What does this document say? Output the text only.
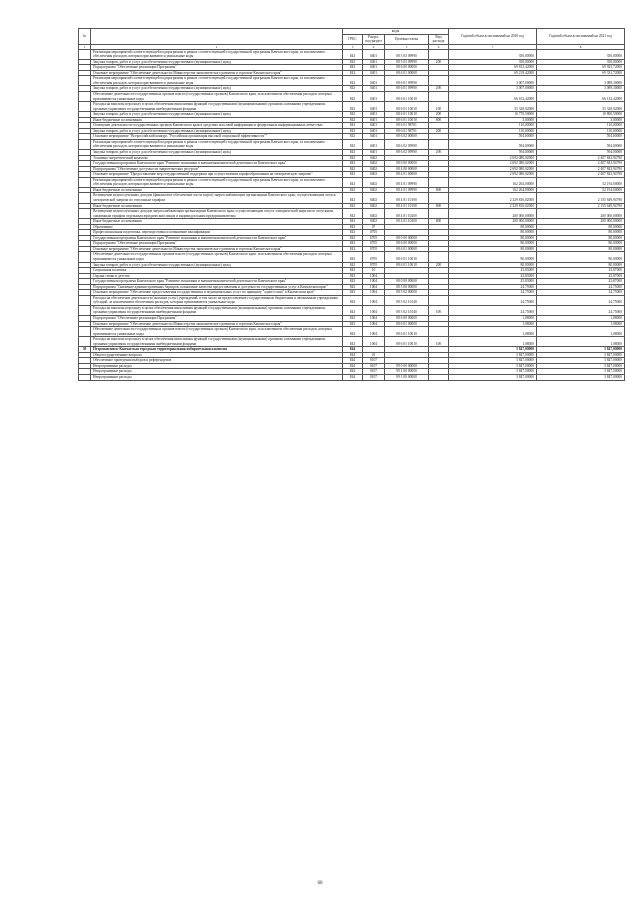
№		коды				Годовой объем ассигнований на 2020 год	Годовой объем ассигнований на 2021 год
		ГРБС	Раздел, под-раздел	Целевая статья	Вид расхода		
1	2	3	4	5	6	7	8
	Реализация мероприятий соответствующей подпрограммы в рамках соответствующей государственной программы Камчатского края, за исключением обеспечения расходов, которым присваиваются уникальные коды	843	0401	08 5 03 09990		350,00000	350,00000
	Закупка товаров, работ и услуг для обеспечения государственных (муниципальных) нужд	843	0401	08 5 03 09990	200	350,00000	350,00000
	Подпрограмма "Обеспечение реализации Программы"	843	0401	08 6 00 00000		69 813,42000	69 925,72000
	Основное мероприятие "Обеспечение деятельности Министерства экономического развития и торговли Камчатского края"	843	0401	08 6 01 00000		69 219,42000	69 331,72000
	Реализация мероприятий соответствующей подпрограммы в рамках соответствующей государственной программы Камчатского края, за исключением обеспечения расходов, которым присваиваются уникальные коды	843	0401	08 6 01 09990		3 007,00000	3 089,30000
	Закупка товаров, работ и услуг для обеспечения государственных (муниципальных) нужд	843	0401	08 6 01 09990	200	3 007,00000	3 089,30000
	Обеспечение деятельности государственных органов власти (государственных органов) Камчатского края, за исключением обеспечения расходов, которым присваиваются уникальные коды	843	0401	08 6 01 10010		66 102,42000	66 132,42000
	Расходы на выплаты персоналу в целях обеспечения выполнения функций государственными (муниципальными) органами, казенными учреждениями, органами управления государственными внебюджетными фондами	843	0401	08 6 01 10010	100	55 328,92000	55 328,92000
	Закупка товаров, работ и услуг для обеспечения государственных (муниципальных) нужд	843	0401	08 6 01 10010	200	10 770,50000	10 800,50000
	Иные бюджетные ассигнования	843	0401	08 6 01 10010	800	3,00000	3,00000
	Освещение деятельности государственных органов Камчатского края в средствах массовой информации и федеральных информационных агентствах	843	0401	08 6 01 98701		110,00000	110,00000
	Закупка товаров, работ и услуг для обеспечения государственных (муниципальных) нужд	843	0401	08 6 01 98701	200	110,00000	110,00000
	Основное мероприятие "Всероссийский конкурс "Российская организация высокой социальной эффективности""	843	0401	08 6 02 00000		594,00000	594,00000
	Реализация мероприятий соответствующей подпрограммы в рамках соответствующей государственной программы Камчатского края, за исключением обеспечения расходов, которым присваиваются уникальные коды	843	0401	08 6 02 09990		594,00000	594,00000
	Закупка товаров, работ и услуг для обеспечения государственных (муниципальных) нужд	843	0401	08 6 02 09990	200	594,00000	594,00000
	Топливно-энергетический комплекс	843	0402			2 692 080,02000	2 407 843,94790
	Государственная программа Камчатского края "Развитие экономики и внешнеэкономической деятельности Камчатского края"	843	0402	08 0 00 00000		2 692 080,02000	2 407 843,94790
	Подпрограмма "Обеспечение доступности энергетических ресурсов"	843	0402	08 4 00 00000		2 692 080,02000	2 407 843,94790
	Основное мероприятие "Предоставление мер государственной поддержки при осуществлении тарифообразования на электрическую энергию"	843	0402	08 4 01 00000		2 692 080,02000	2 407 843,94790
	Реализация мероприятий соответствующей подпрограммы в рамках соответствующей государственной программы Камчатского края, за исключением обеспечения расходов, которым присваиваются уникальные коды	843	0402	08 4 01 09990		162 264,00000	52 194,00000
	Иные бюджетные ассигнования	843	0402	08 4 01 09990	800	162 264,00000	52 194,00000
	Возмещение недополученных доходов (финансовое обеспечение части затрат) энергоснабжающим организациям Камчатского края, осуществляющим отпуск электрической энергии по отпускным тарифам	843	0402	08 4 01 10190		2 329 816,02000	2 155 649,94790
	Иные бюджетные ассигнования	843	0402	08 4 01 10190	800	2 329 816,02000	2 155 649,94790
	Возмещение недополученных доходов энергоснабжающим организациям Камчатского края, осуществляющим отпуск электрической энергии по отпускным сниженным тарифам отдельным юридическим лицам и индивидуальным предпринимателям	843	0402	08 4 01 10200		200 000,00000	200 000,00000
	Иные бюджетные ассигнования	843	0402	08 4 01 10200	800	200 000,00000	200 000,00000
	Образование	843	07			80,00000	80,00000
	Профессиональная подготовка, переподготовка и повышение квалификации	843	0705			80,00000	80,00000
	Государственная программа Камчатского края "Развитие экономики и внешнеэкономической деятельности Камчатского края"	843	0705	08 0 00 00000		80,00000	80,00000
	Подпрограмма "Обеспечение реализации Программы"	843	0705	08 6 00 00000		80,00000	80,00000
	Основное мероприятие "Обеспечение деятельности Министерства экономического развития и торговли Камчатского края"	843	0705	08 6 01 00000		80,00000	80,00000
	Обеспечение деятельности государственных органов власти (государственных органов) Камчатского края, за исключением обеспечения расходов, которым присваиваются уникальные коды	843	0705	08 6 01 10010		80,00000	80,00000
	Закупка товаров, работ и услуг для обеспечения государственных (муниципальных) нужд	843	0705	08 6 01 10010	200	80,00000	80,00000
	Социальная политика	843	10			25,83000	25,87000
	Охрана семьи и детства	843	1004			25,83000	25,87000
	Государственная программа Камчатского края "Развитие экономики и внешнеэкономической деятельности Камчатского края"	843	1004	08 0 00 00000		25,83000	25,87000
	Подпрограмма "Снижение административных барьеров, повышение качества предоставления и доступности государственных услуг в Камчатском крае"	843	1004	08 5 00 00000		24,75000	24,75000
	Основное мероприятие "Обеспечение предоставления государственных и муниципальных услуг по принципу "одного окна" в Камчатском крае"	843	1004	08 5 02 00000		24,75000	24,75000
	Расходы на обеспечение деятельности (оказание услуг) учреждений, в том числе на предоставление государственным бюджетным и автономным учреждениям субсидий, за исключением обеспечения расходов, которым присваиваются уникальные коды	843	1004	08 5 02 10140		24,75000	24,75000
	Расходы на выплаты персоналу в целях обеспечения выполнения функций государственными (муниципальными) органами, казенными учреждениями, органами управления государственными внебюджетными фондами	843	1004	08 5 02 10140	100	24,75000	24,75000
	Подпрограмма "Обеспечение реализации Программы"	843	1004	08 6 00 00000		1,08000	1,08000
	Основное мероприятие "Обеспечение деятельности Министерства экономического развития и торговли Камчатского края"	843	1004	08 6 01 00000		1,08000	1,08000
	Обеспечение деятельности государственных органов власти (государственных органов) Камчатского края, за исключением обеспечения расходов, которым присваиваются уникальные коды	843	1004	08 6 01 10010		1,08000	1,08000
	Расходы на выплаты персоналу в целях обеспечения выполнения функций государственными (муниципальными) органами, казенными учреждениями, органами управления государственными внебюджетными фондами	843	1004	08 6 01 10010	100	1,08000	1,08000
30	Петропавловск-Камчатская городская территориальная избирательная комиссия	844				3 847,00000	3 847,00000
	Общегосударственные вопросы	844	01			3 847,00000	3 847,00000
	Обеспечение проведения выборов и референдумов	844	0107			3 847,00000	3 847,00000
	Непрограммные расходы	844	0107	99 0 00 00000		3 847,00000	3 847,00000
	Непрограммные расходы	844	0107	99 1 00 00000		3 847,00000	3 847,00000
	Непрограммные расходы	844	0107	99 1 00 00000		3 847,00000	3 847,00000
60
